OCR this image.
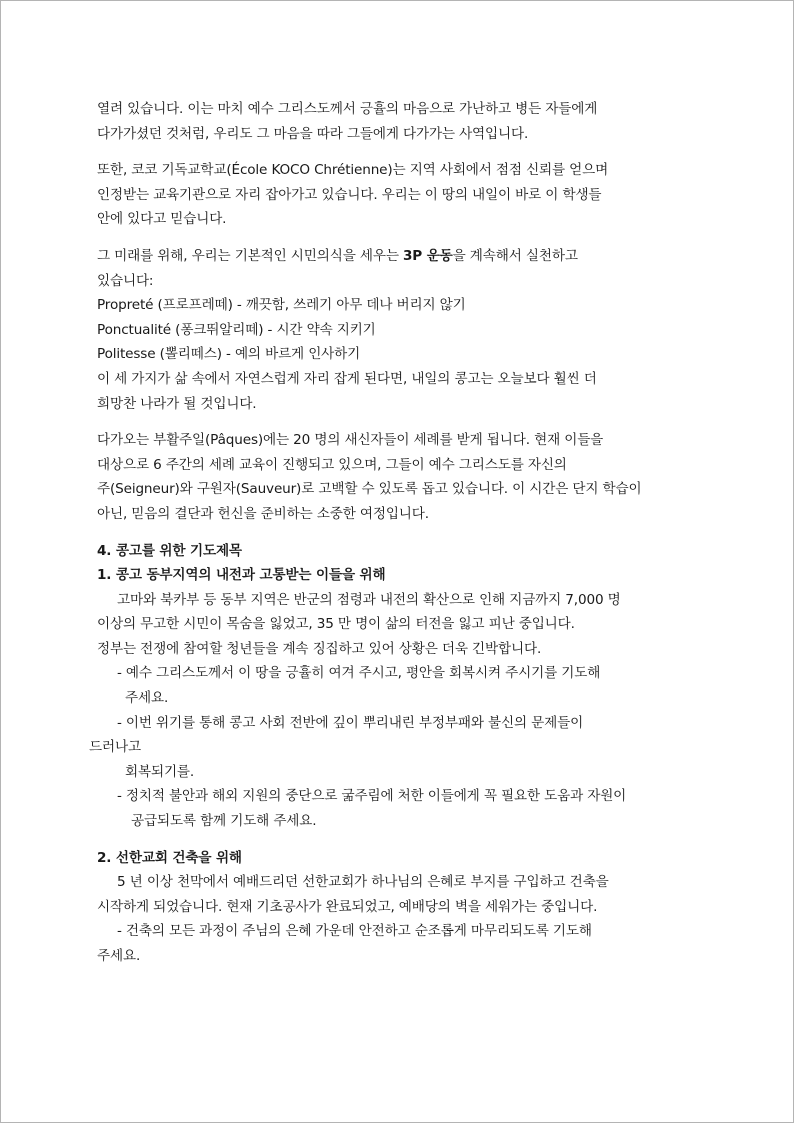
열려 있습니다. 이는 마치 예수 그리스도께서 긍휼의 마음으로 가난하고 병든 자들에게
다가가셨던 것처럼, 우리도 그 마음을 따라 그들에게 다가가는 사역입니다.
또한, 코코 기독교학교(École KOCO Chrétienne)는 지역 사회에서 점점 신뢰를 얻으며
인정받는 교육기관으로 자리 잡아가고 있습니다. 우리는 이 땅의 내일이 바로 이 학생들
안에 있다고 믿습니다.
그 미래를 위해, 우리는 기본적인 시민의식을 세우는 3P 운동을 계속해서 실천하고
있습니다:
Propreté (프로프레떼) - 깨끗함, 쓰레기 아무 데나 버리지 않기
Ponctualité (퐁크뛰알리떼) - 시간 약속 지키기
Politesse (뽈리떼스) - 예의 바르게 인사하기
이 세 가지가 삶 속에서 자연스럽게 자리 잡게 된다면, 내일의 콩고는 오늘보다 훨씬 더
희망찬 나라가 될 것입니다.
다가오는 부활주일(Pâques)에는 20 명의 새신자들이 세례를 받게 됩니다. 현재 이들을
대상으로 6 주간의 세례 교육이 진행되고 있으며, 그들이 예수 그리스도를 자신의
주(Seigneur)와 구원자(Sauveur)로 고백할 수 있도록 돕고 있습니다. 이 시간은 단지 학습이
아닌, 믿음의 결단과 헌신을 준비하는 소중한 여정입니다.
4. 콩고를 위한 기도제목
1. 콩고 동부지역의 내전과 고통받는 이들을 위해
고마와 북카부 등 동부 지역은 반군의 점령과 내전의 확산으로 인해 지금까지 7,000 명
이상의 무고한 시민이 목숨을 잃었고, 35 만 명이 삶의 터전을 잃고 피난 중입니다.
정부는 전쟁에 참여할 청년들을 계속 징집하고 있어 상황은 더욱 긴박합니다.
- 예수 그리스도께서 이 땅을 긍휼히 여겨 주시고, 평안을 회복시켜 주시기를 기도해
주세요.
- 이번 위기를 통해 콩고 사회 전반에 깊이 뿌리내린 부정부패와 불신의 문제들이
드러나고
회복되기를.
- 정치적 불안과 해외 지원의 중단으로 굶주림에 처한 이들에게 꼭 필요한 도움과 자원이
공급되도록 함께 기도해 주세요.
2. 선한교회 건축을 위해
5 년 이상 천막에서 예배드리던 선한교회가 하나님의 은혜로 부지를 구입하고 건축을
시작하게 되었습니다. 현재 기초공사가 완료되었고, 예배당의 벽을 세워가는 중입니다.
- 건축의 모든 과정이 주님의 은혜 가운데 안전하고 순조롭게 마무리되도록 기도해
주세요.
